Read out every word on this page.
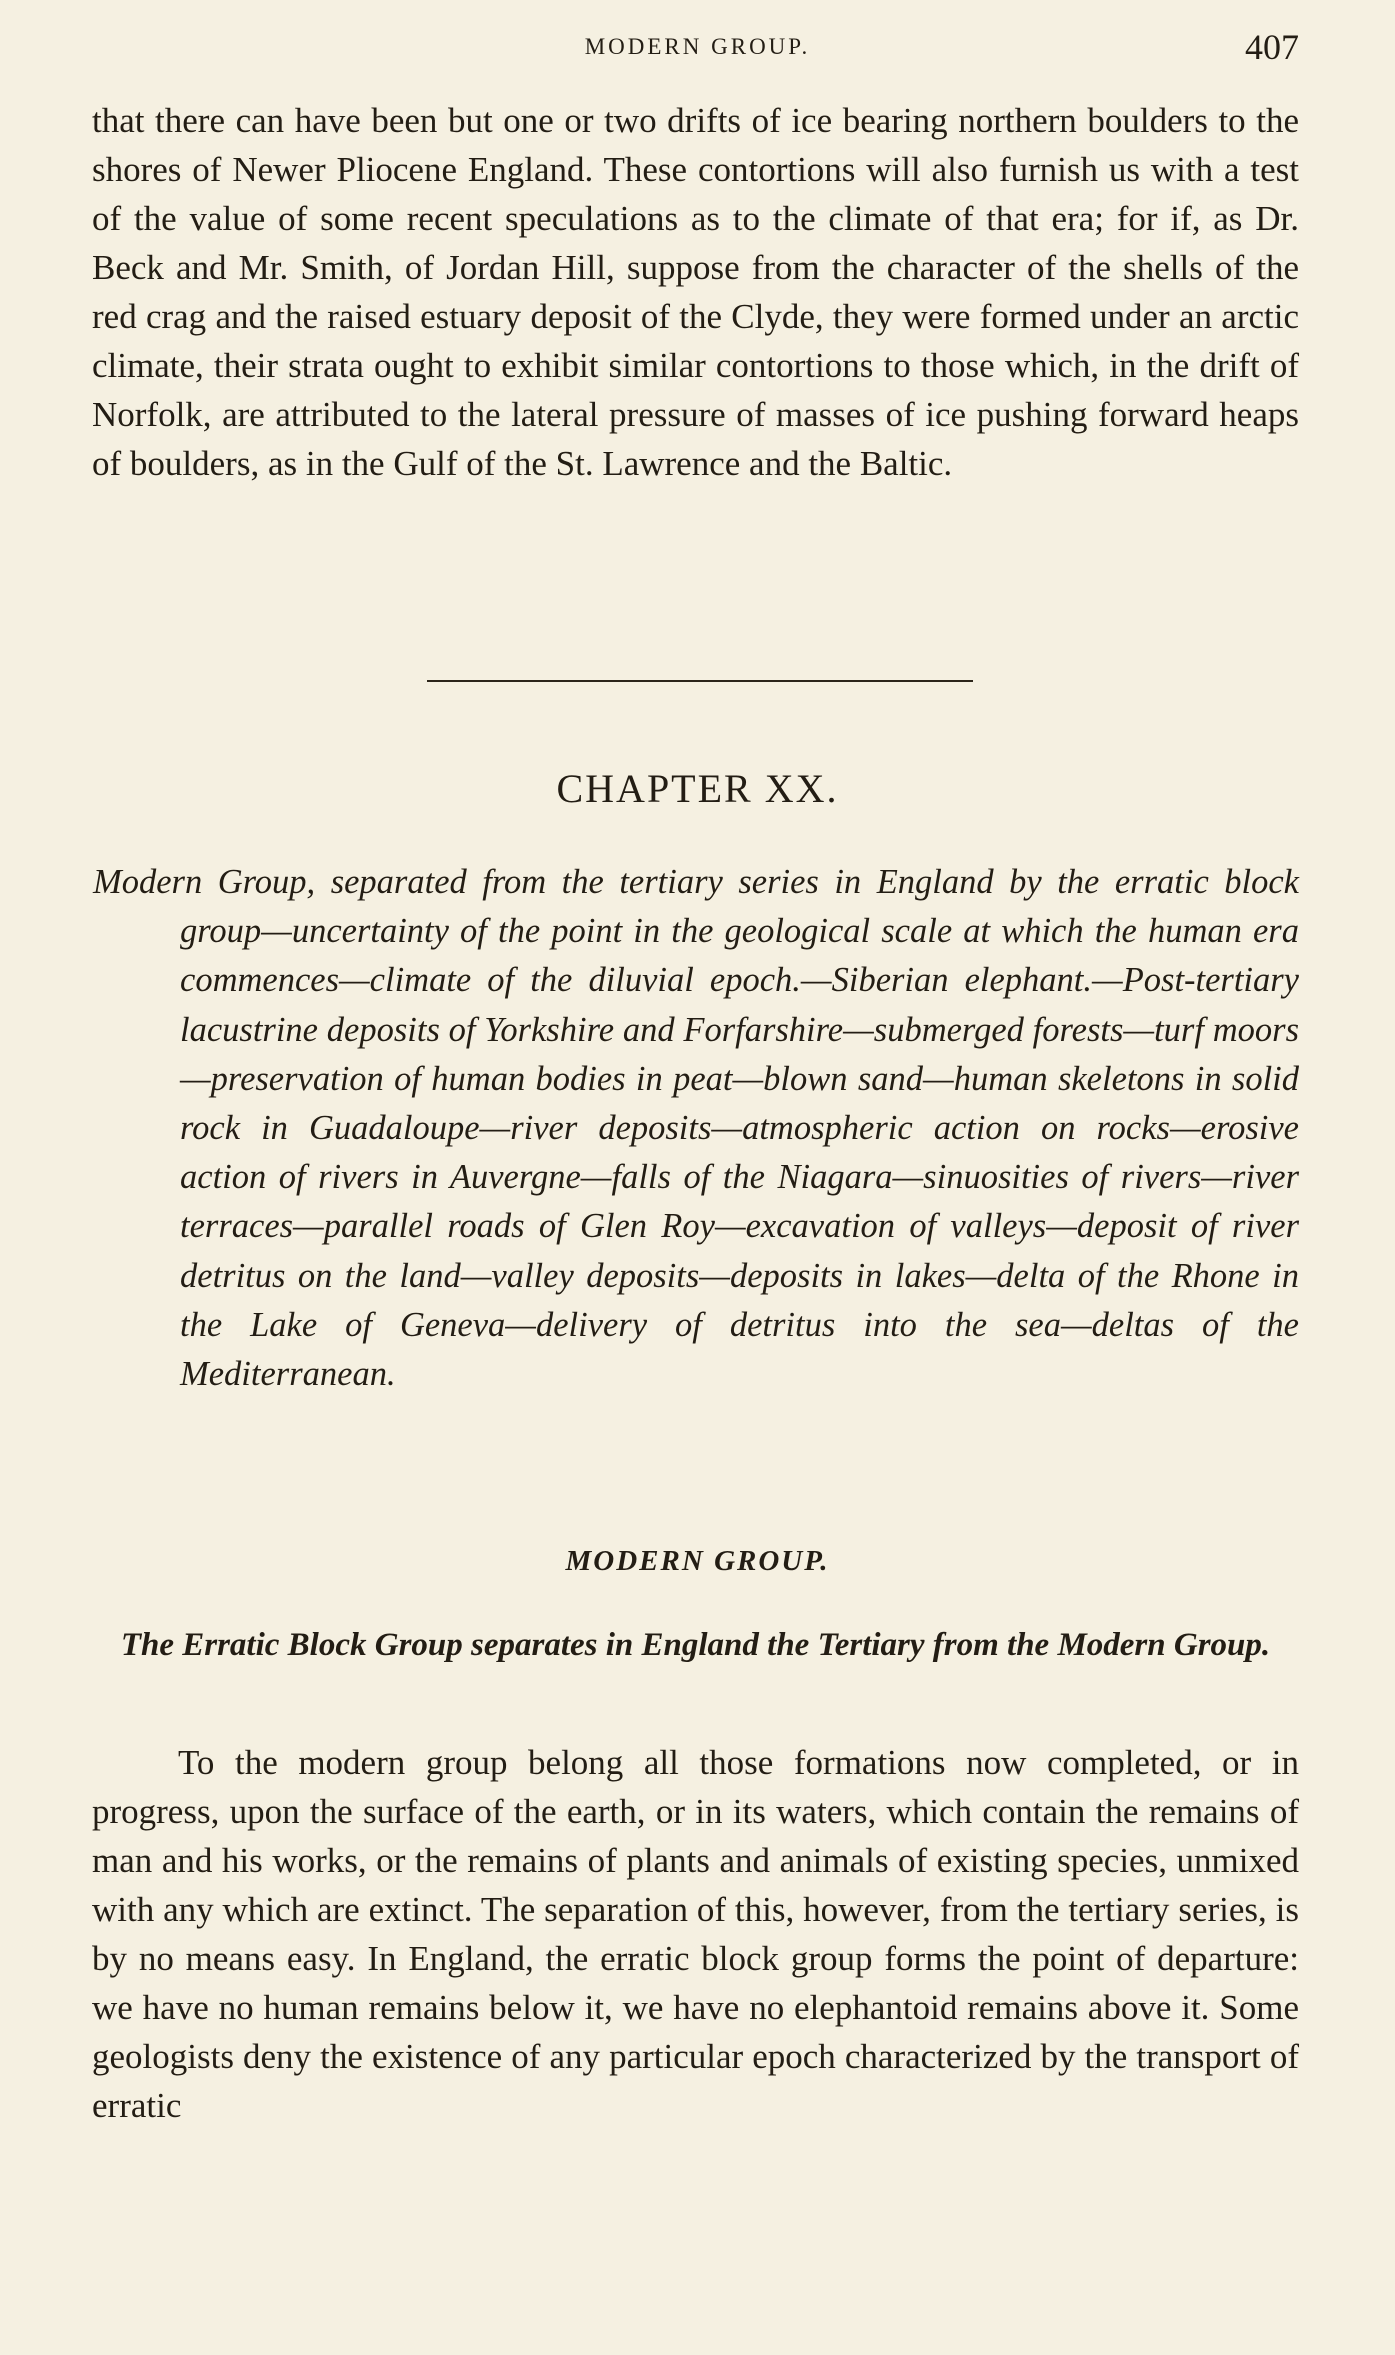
MODERN GROUP.	407

that there can have been but one or two drifts of ice bearing northern boulders to the shores of Newer Pliocene England. These contortions will also furnish us with a test of the value of some recent speculations as to the climate of that era; for if, as Dr. Beck and Mr. Smith, of Jordan Hill, suppose from the character of the shells of the red crag and the raised estuary deposit of the Clyde, they were formed under an arctic climate, their strata ought to exhibit similar contortions to those which, in the drift of Norfolk, are attributed to the lateral pressure of masses of ice pushing forward heaps of boulders, as in the Gulf of the St. Lawrence and the Baltic.

CHAPTER XX.

Modern Group, separated from the tertiary series in England by the erratic block group—uncertainty of the point in the geological scale at which the human era commences—climate of the diluvial epoch.—Siberian elephant.—Post-tertiary lacustrine deposits of Yorkshire and Forfarshire—submerged forests—turf moors—preservation of human bodies in peat—blown sand—human skeletons in solid rock in Guadaloupe—river deposits—atmospheric action on rocks—erosive action of rivers in Auvergne—falls of the Niagara—sinuosities of rivers—river terraces—parallel roads of Glen Roy—excavation of valleys—deposit of river detritus on the land—valley deposits—deposits in lakes—delta of the Rhone in the Lake of Geneva—delivery of detritus into the sea—deltas of the Mediterranean.

MODERN GROUP.
The Erratic Block Group separates in England the Tertiary from the Modern Group.

To the modern group belong all those formations now completed, or in progress, upon the surface of the earth, or in its waters, which contain the remains of man and his works, or the remains of plants and animals of existing species, unmixed with any which are extinct. The separation of this, however, from the tertiary series, is by no means easy. In England, the erratic block group forms the point of departure: we have no human remains below it, we have no elephantoid remains above it. Some geologists deny the existence of any particular epoch characterized by the transport of erratic
